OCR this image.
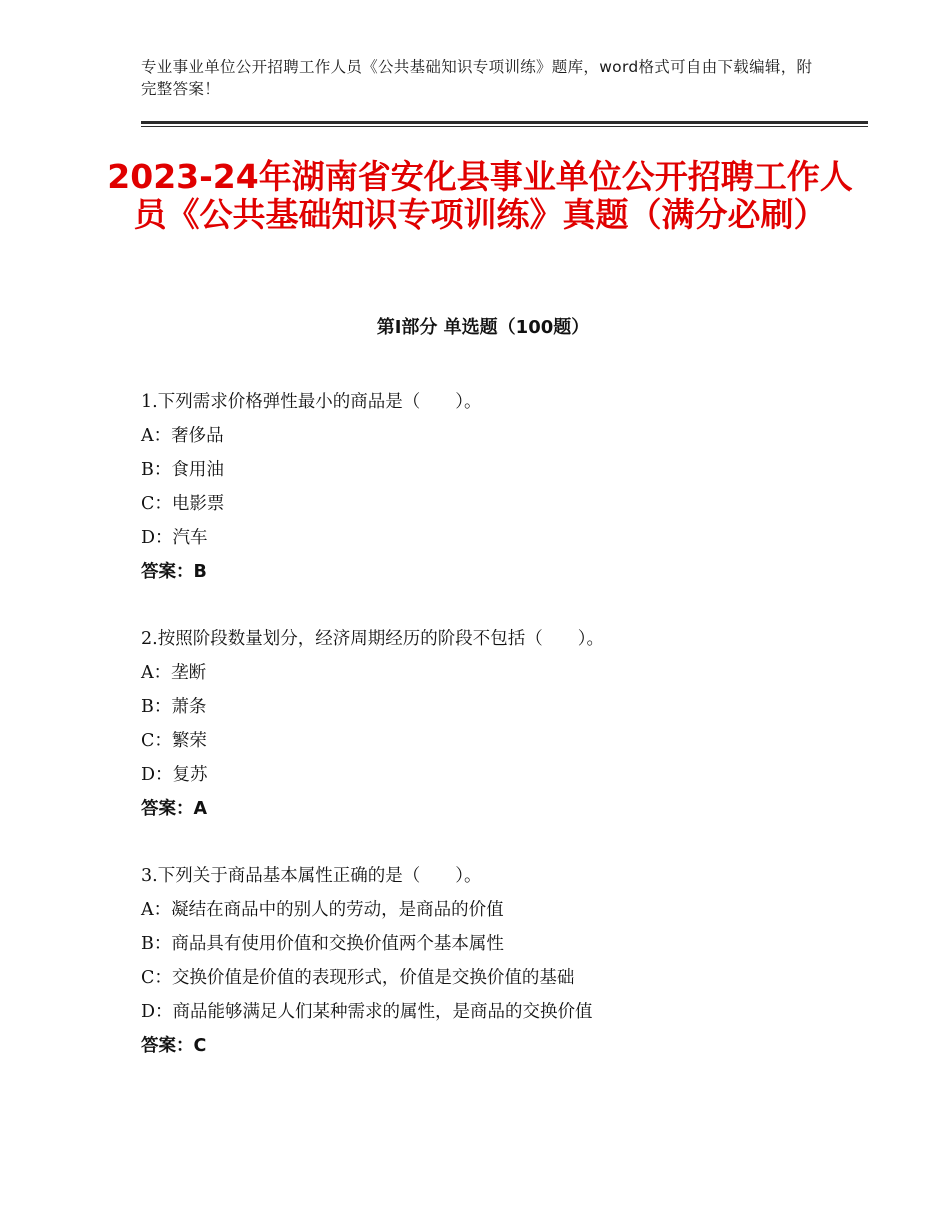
专业事业单位公开招聘工作人员《公共基础知识专项训练》题库，word格式可自由下载编辑，附完整答案！
2023-24年湖南省安化县事业单位公开招聘工作人员《公共基础知识专项训练》真题（满分必刷）
第Ⅰ部分 单选题（100题）
1.下列需求价格弹性最小的商品是（　　）。
A：奢侈品
B：食用油
C：电影票
D：汽车
答案：B
2.按照阶段数量划分，经济周期经历的阶段不包括（　　）。
A：垄断
B：萧条
C：繁荣
D：复苏
答案：A
3.下列关于商品基本属性正确的是（　　）。
A：凝结在商品中的别人的劳动，是商品的价值
B：商品具有使用价值和交换价值两个基本属性
C：交换价值是价值的表现形式，价值是交换价值的基础
D：商品能够满足人们某种需求的属性，是商品的交换价值
答案：C
